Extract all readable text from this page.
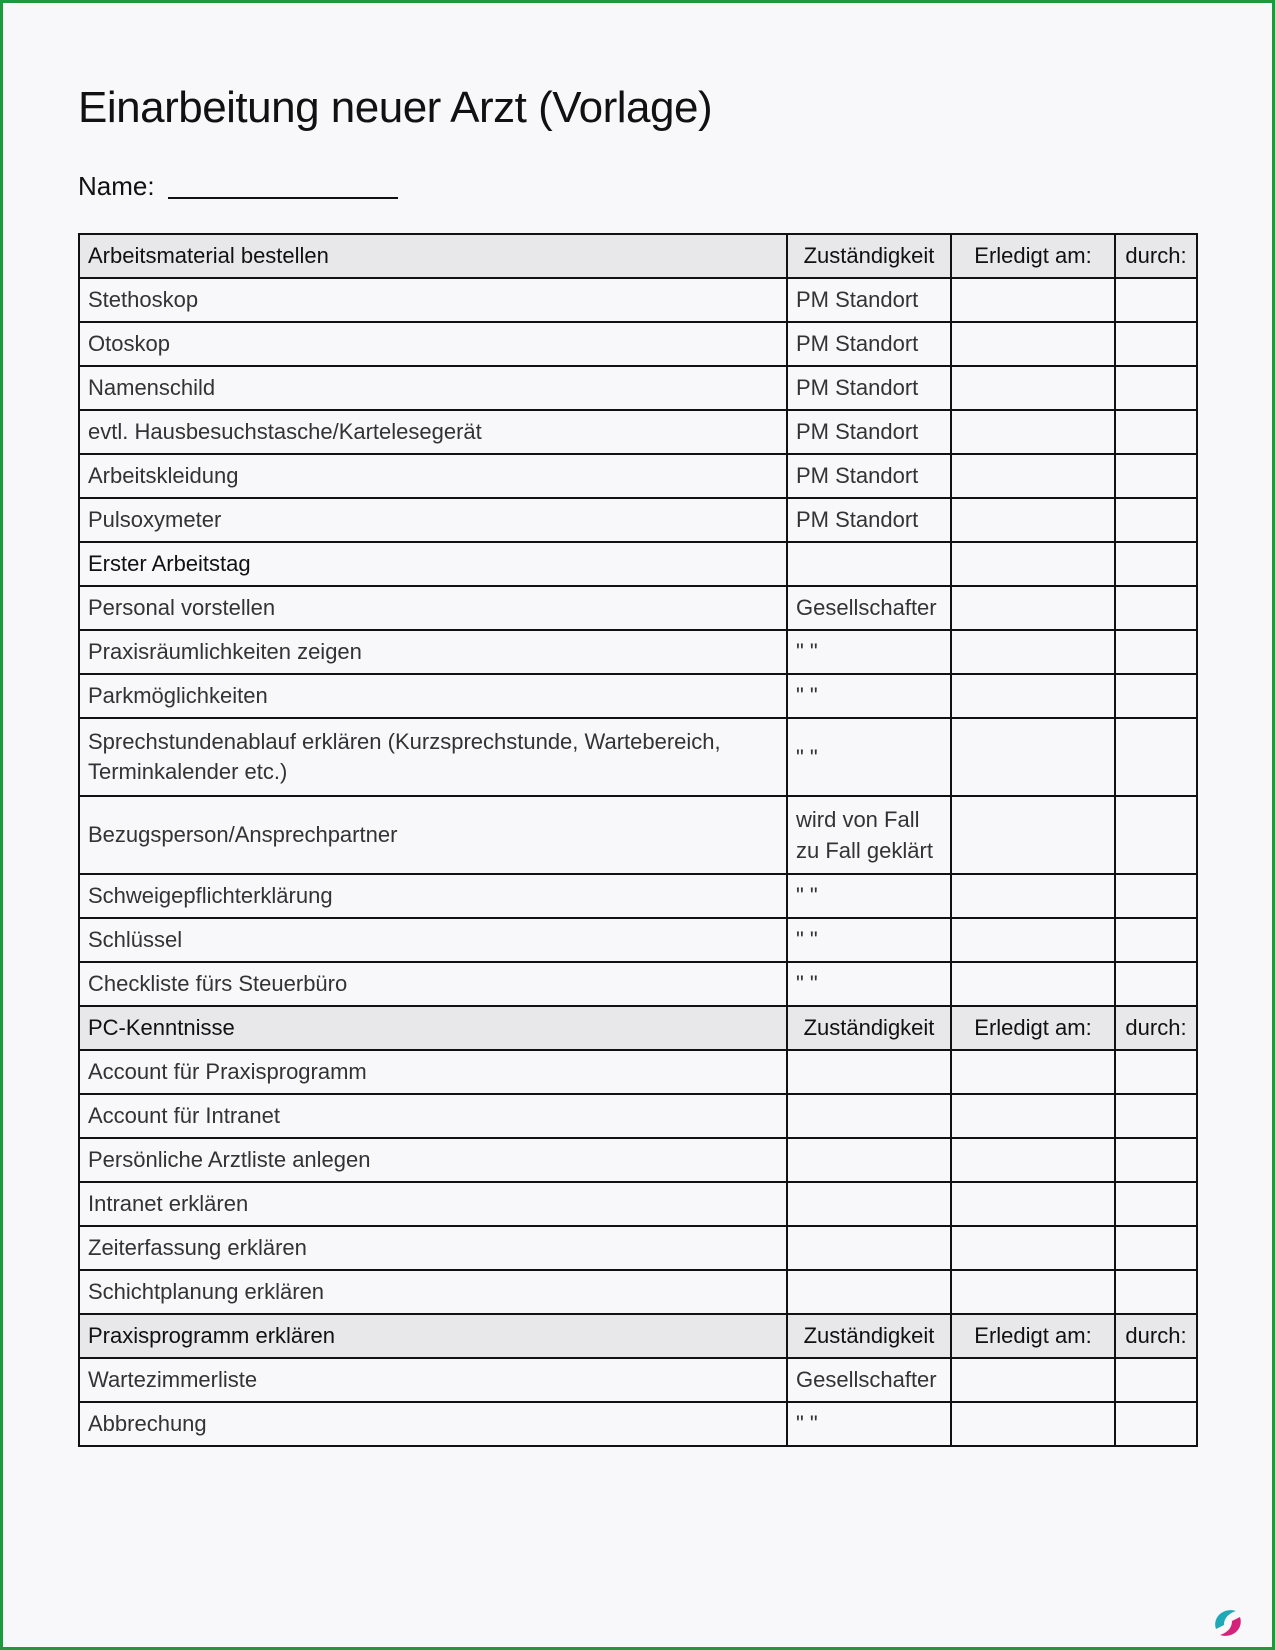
Einarbeitung neuer Arzt (Vorlage)
Name:
Arbeitsmaterial bestellen	Zuständigkeit	Erledigt am:	durch:
Stethoskop	PM Standort		
Otoskop	PM Standort		
Namenschild	PM Standort		
evtl. Hausbesuchstasche/Kartelesegerät	PM Standort		
Arbeitskleidung	PM Standort		
Pulsoxymeter	PM Standort		
Erster Arbeitstag			
Personal vorstellen	Gesellschafter		
Praxisräumlichkeiten zeigen	" "		
Parkmöglichkeiten	" "		
Sprechstundenablauf erklären (Kurzsprechstunde, Wartebereich, Terminkalender etc.)	" "		
Bezugsperson/Ansprechpartner	wird von Fall zu Fall geklärt		
Schweigepflichterklärung	" "		
Schlüssel	" "		
Checkliste fürs Steuerbüro	" "		
PC-Kenntnisse	Zuständigkeit	Erledigt am:	durch:
Account für Praxisprogramm			
Account für Intranet			
Persönliche Arztliste anlegen			
Intranet erklären			
Zeiterfassung erklären			
Schichtplanung erklären			
Praxisprogramm erklären	Zuständigkeit	Erledigt am:	durch:
Wartezimmerliste	Gesellschafter		
Abbrechung	" "		
